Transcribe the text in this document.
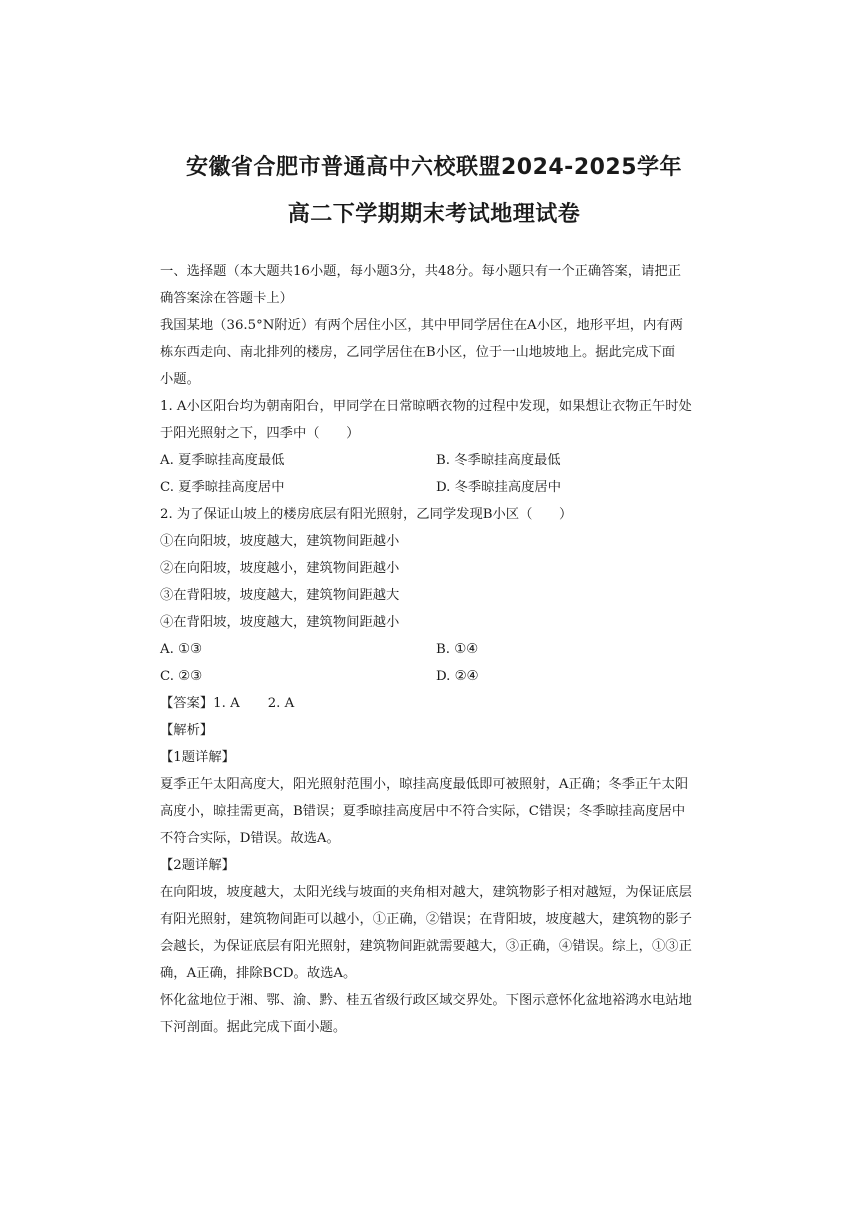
安徽省合肥市普通高中六校联盟2024-2025学年
高二下学期期末考试地理试卷
一、选择题（本大题共16小题，每小题3分，共48分。每小题只有一个正确答案，请把正
确答案涂在答题卡上）
我国某地（36.5°N附近）有两个居住小区，其中甲同学居住在A小区，地形平坦，内有两
栋东西走向、南北排列的楼房，乙同学居住在B小区，位于一山地坡地上。据此完成下面
小题。
1. A小区阳台均为朝南阳台，甲同学在日常晾晒衣物的过程中发现，如果想让衣物正午时处
于阳光照射之下，四季中（　　）
A. 夏季晾挂高度最低	B. 冬季晾挂高度最低
C. 夏季晾挂高度居中	D. 冬季晾挂高度居中
2. 为了保证山坡上的楼房底层有阳光照射，乙同学发现B小区（　　）
①在向阳坡，坡度越大，建筑物间距越小
②在向阳坡，坡度越小，建筑物间距越小
③在背阳坡，坡度越大，建筑物间距越大
④在背阳坡，坡度越大，建筑物间距越小
A. ①③	B. ①④
C. ②③	D. ②④
【答案】1. A 2. A
【解析】
【1题详解】
夏季正午太阳高度大，阳光照射范围小，晾挂高度最低即可被照射，A正确；冬季正午太阳
高度小，晾挂需更高，B错误；夏季晾挂高度居中不符合实际，C错误；冬季晾挂高度居中
不符合实际，D错误。故选A。
【2题详解】
在向阳坡，坡度越大，太阳光线与坡面的夹角相对越大，建筑物影子相对越短，为保证底层
有阳光照射，建筑物间距可以越小，①正确，②错误；在背阳坡，坡度越大，建筑物的影子
会越长，为保证底层有阳光照射，建筑物间距就需要越大，③正确，④错误。综上，①③正
确，A正确，排除BCD。故选A。
怀化盆地位于湘、鄂、渝、黔、桂五省级行政区域交界处。下图示意怀化盆地裕鸿水电站地
下河剖面。据此完成下面小题。
